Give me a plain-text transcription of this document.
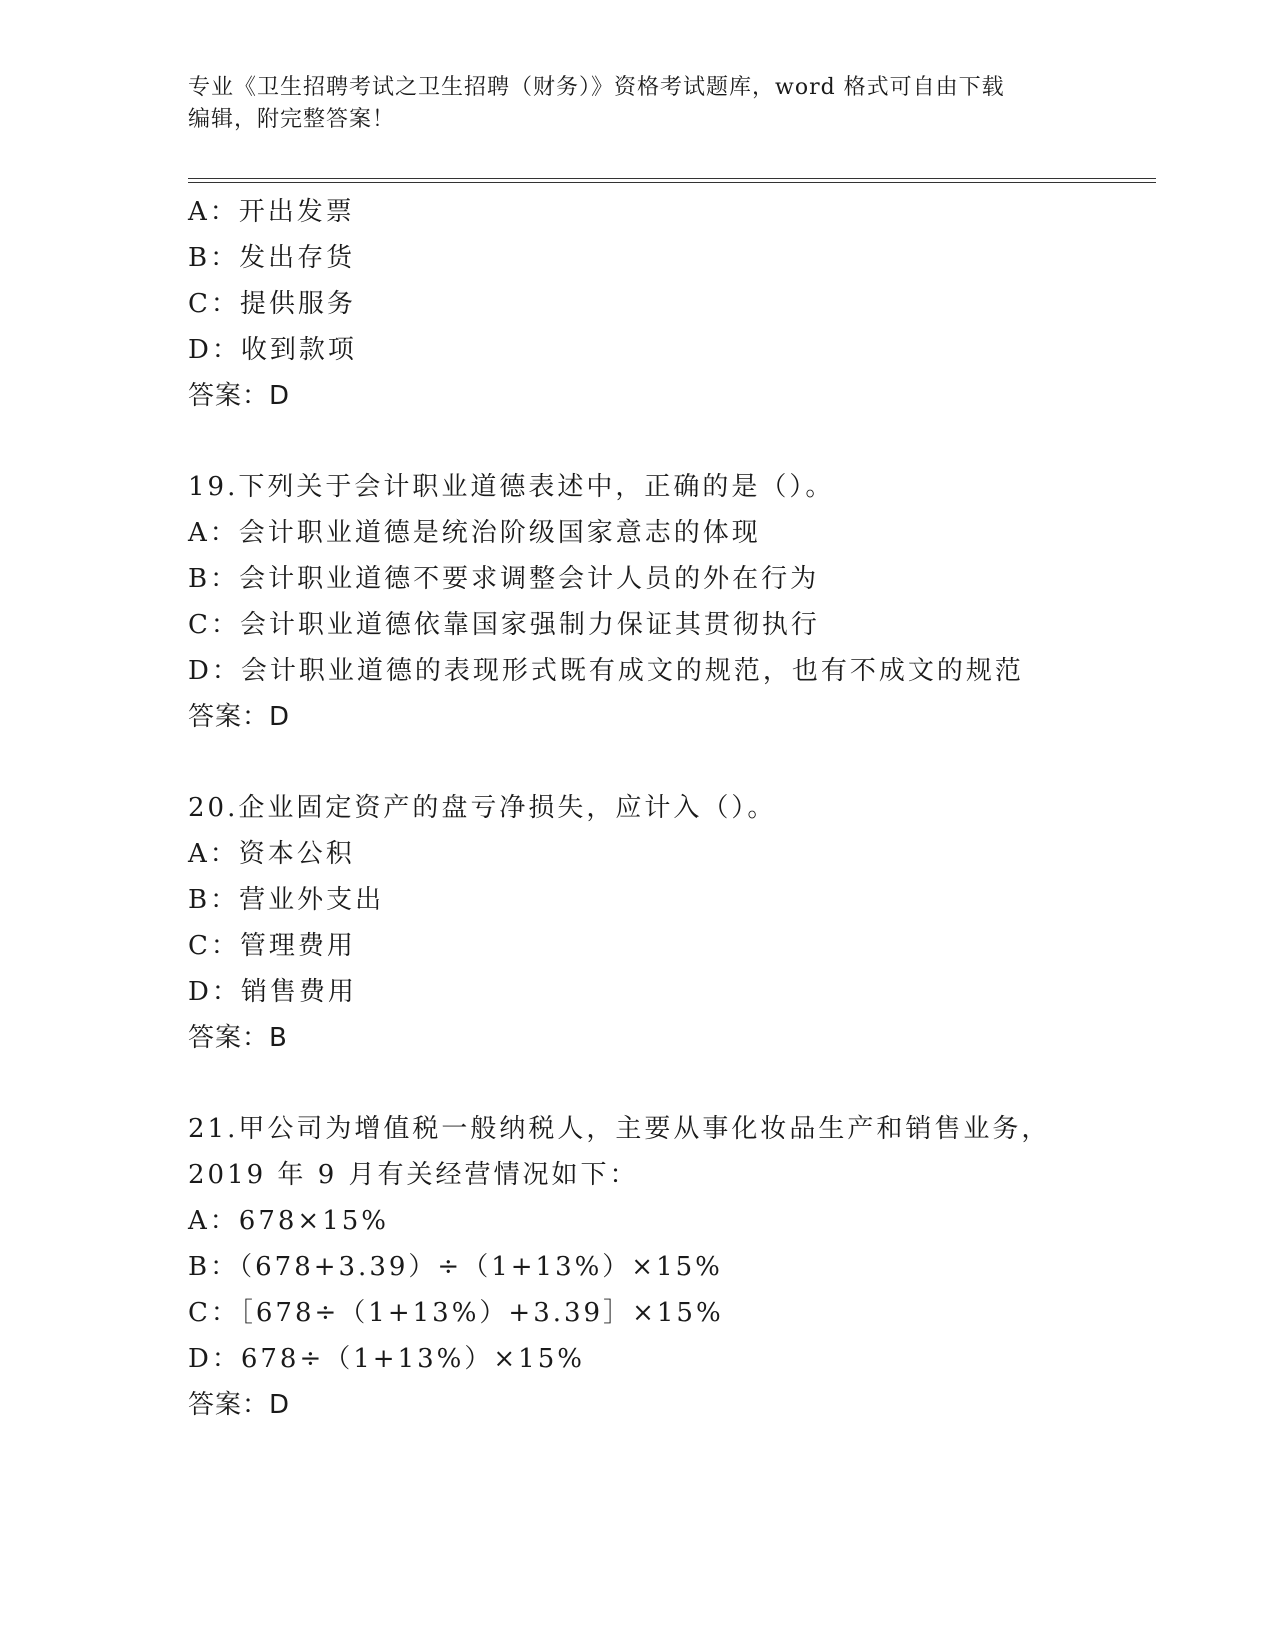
专业《卫生招聘考试之卫生招聘（财务）》资格考试题库，word 格式可自由下载
编辑，附完整答案！
A：开出发票
B：发出存货
C：提供服务
D：收到款项
答案：D
19.下列关于会计职业道德表述中，正确的是（）。
A：会计职业道德是统治阶级国家意志的体现
B：会计职业道德不要求调整会计人员的外在行为
C：会计职业道德依靠国家强制力保证其贯彻执行
D：会计职业道德的表现形式既有成文的规范，也有不成文的规范
答案：D
20.企业固定资产的盘亏净损失，应计入（）。
A：资本公积
B：营业外支出
C：管理费用
D：销售费用
答案：B
21.甲公司为增值税一般纳税人，主要从事化妆品生产和销售业务，
2019 年 9 月有关经营情况如下：
A：678×15%
B：（678+3.39）÷（1+13%）×15%
C：［678÷（1+13%）+3.39］×15%
D：678÷（1+13%）×15%
答案：D
